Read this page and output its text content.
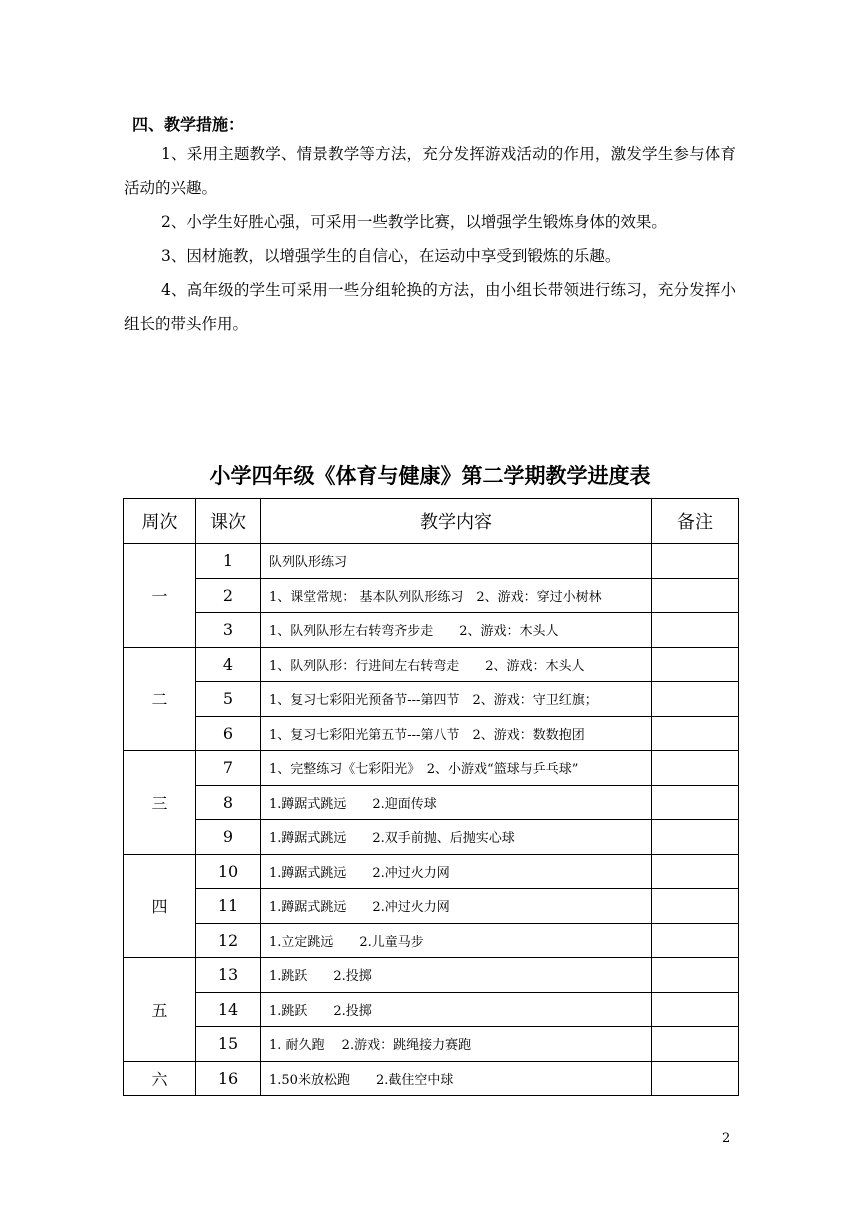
四、教学措施：

1、采用主题教学、情景教学等方法，充分发挥游戏活动的作用，激发学生参与体育活动的兴趣。

2、小学生好胜心强，可采用一些教学比赛，以增强学生锻炼身体的效果。

3、因材施教，以增强学生的自信心，在运动中享受到锻炼的乐趣。

4、高年级的学生可采用一些分组轮换的方法，由小组长带领进行练习，充分发挥小组长的带头作用。

小学四年级《体育与健康》第二学期教学进度表
周次	课次	教学内容	备注
一	1	队列队形练习	
	2	1、课堂常规： 基本队列队形练习　2、游戏：穿过小树林	
	3	1、队列队形左右转弯齐步走　　2、游戏：木头人	
二	4	1、队列队形：行进间左右转弯走　　2、游戏：木头人	
	5	1、复习七彩阳光预备节---第四节　2、游戏：守卫红旗；	
	6	1、复习七彩阳光第五节---第八节　2、游戏：数数抱团	
三	7	1、完整练习《七彩阳光》　2、小游戏“篮球与乒乓球”	
	8	1.蹲踞式跳远　　2.迎面传球	
	9	1.蹲踞式跳远　　2.双手前抛、后抛实心球	
四	10	1.蹲踞式跳远　　2.冲过火力网	
	11	1.蹲踞式跳远　　2.冲过火力网	
	12	1.立定跳远　　2.儿童马步	
五	13	1.跳跃　　2.投掷	
	14	1.跳跃　　2.投掷	
	15	1. 耐久跑　 2.游戏：跳绳接力赛跑	
六	16	1.50米放松跑　　2.截住空中球	
2
